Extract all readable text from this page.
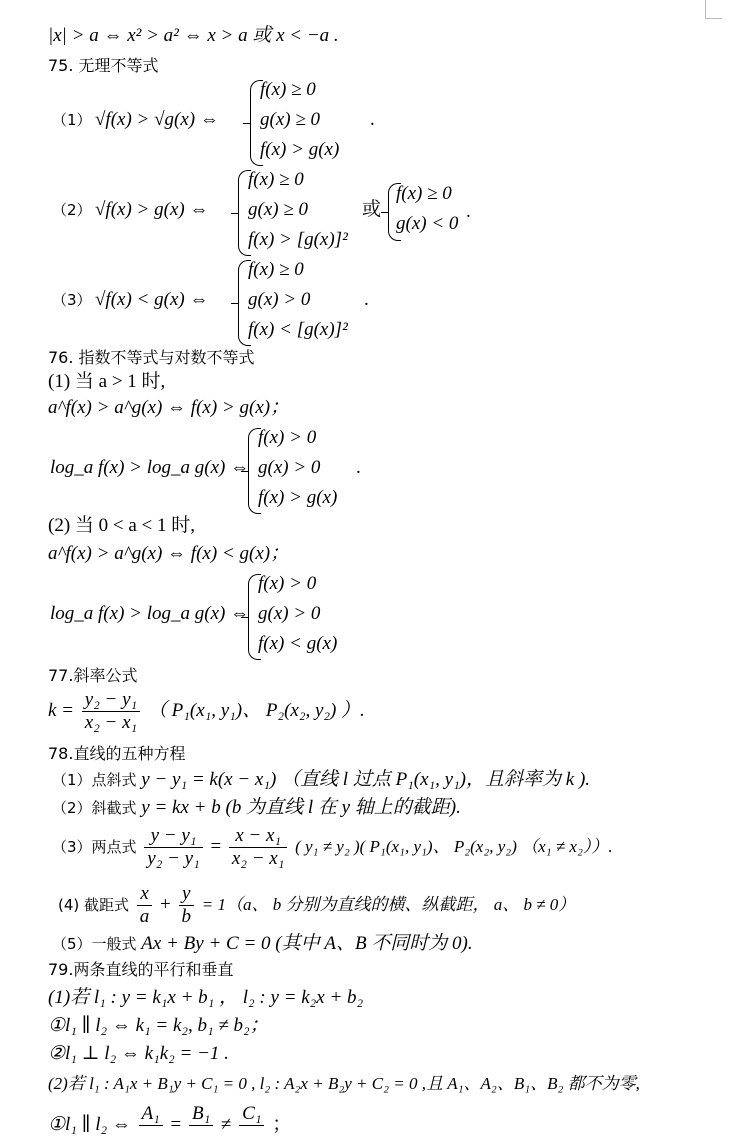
|x| > a ⇔ x² > a² ⇔ x > a 或 x < −a .
75. 无理不等式
（1） √f(x) > √g(x) ⇔
f(x) ≥ 0
g(x) ≥ 0
f(x) > g(x)
.
（2） √f(x) > g(x) ⇔
f(x) ≥ 0
g(x) ≥ 0
f(x) > [g(x)]²
或
f(x) ≥ 0
g(x) < 0
.
（3） √f(x) < g(x) ⇔
f(x) ≥ 0
g(x) > 0
f(x) < [g(x)]²
.
76. 指数不等式与对数不等式
(1) 当 a > 1 时,
a^f(x) > a^g(x) ⇔ f(x) > g(x)；
log_a f(x) > log_a g(x) ⇔
f(x) > 0
g(x) > 0
f(x) > g(x)
.
(2) 当 0 < a < 1 时,
a^f(x) > a^g(x) ⇔ f(x) < g(x)；
log_a f(x) > log_a g(x) ⇔
f(x) > 0
g(x) > 0
f(x) < g(x)
77.斜率公式
$k = \frac{\text{y₂ − y₁}}{\text{x₂ − x₁}}$ （ P₁(x₁, y₁)、 P₂(x₂, y₂) ）.
78.直线的五种方程
（1）点斜式 y − y₁ = k(x − x₁) （直线 l 过点 P₁(x₁, y₁)，且斜率为 k ).
（2）斜截式 y = kx + b (b 为直线 l 在 y 轴上的截距).
（3）两点式 $\frac{\text{y − y₁}}{\text{y₂ − y₁}} = \frac{\text{x − x₁}}{\text{x₂ − x₁}}$ ( y₁ ≠ y₂ )( P₁(x₁, y₁)、 P₂(x₂, y₂) （x₁ ≠ x₂））.
(4) 截距式 $\frac{x}{a} + \frac{y}{b} = 1(a$、 b 分别为直线的横、纵截距， a、 b ≠ 0）
（5）一般式 Ax + By + C = 0 (其中 A、B 不同时为 0).
79.两条直线的平行和垂直
(1)若 l₁ : y = k₁x + b₁ ， l₂ : y = k₂x + b₂
①l₁ ∥ l₂ ⇔ k₁ = k₂, b₁ ≠ b₂；
②l₁ ⊥ l₂ ⇔ k₁k₂ = −1 .
(2)若 l₁ : A₁x + B₁y + C₁ = 0 , l₂ : A₂x + B₂y + C₂ = 0 ,且 A₁、A₂、B₁、B₂ 都不为零,
①l₁ ∥ l₂ ⇔
A₁

=
B₁

≠
C₁

；
